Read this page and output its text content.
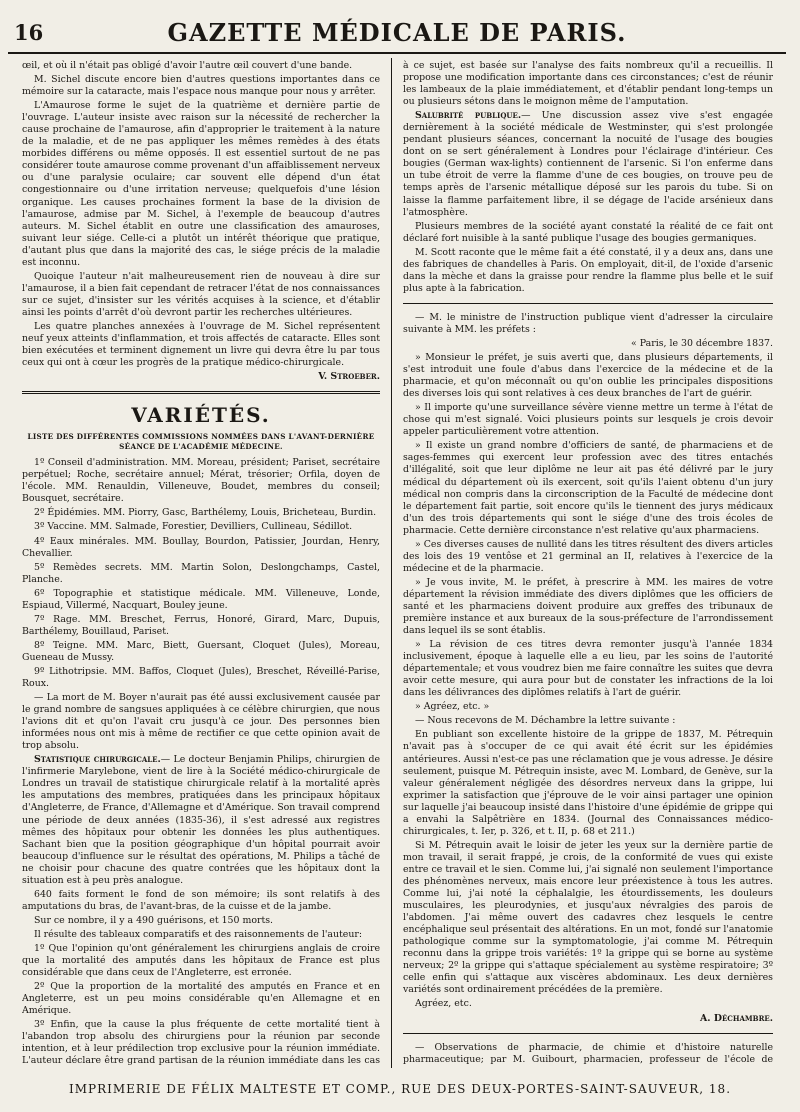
16	GAZETTE MÉDICALE DE PARIS.

œil, et où il n'était pas obligé d'avoir l'autre œil couvert d'une bande.

M. Sichel discute encore bien d'autres questions importantes dans ce mémoire sur la cataracte, mais l'espace nous manque pour nous y arrêter.

L'Amaurose forme le sujet de la quatrième et dernière partie de l'ouvrage. L'auteur insiste avec raison sur la nécessité de rechercher la cause prochaine de l'amaurose, afin d'approprier le traitement à la nature de la maladie, et de ne pas appliquer les mêmes remèdes à des états morbides différens ou même opposés. Il est essentiel surtout de ne pas considérer toute amaurose comme provenant d'un affaiblissement nerveux ou d'une paralysie oculaire; car souvent elle dépend d'un état congestionnaire ou d'une irritation nerveuse; quelquefois d'une lésion organique. Les causes prochaines forment la base de la division de l'amaurose, admise par M. Sichel, à l'exemple de beaucoup d'autres auteurs. M. Sichel établit en outre une classification des amauroses, suivant leur siége. Celle-ci a plutôt un intérêt théorique que pratique, d'autant plus que dans la majorité des cas, le siége précis de la maladie est inconnu.

Quoique l'auteur n'ait malheureusement rien de nouveau à dire sur l'amaurose, il a bien fait cependant de retracer l'état de nos connaissances sur ce sujet, d'insister sur les vérités acquises à la science, et d'établir ainsi les points d'arrêt d'où devront partir les recherches ultérieures.

Les quatre planches annexées à l'ouvrage de M. Sichel représentent neuf yeux atteints d'inflammation, et trois affectés de cataracte. Elles sont bien exécutées et terminent dignement un livre qui devra être lu par tous ceux qui ont à cœur les progrès de la pratique médico-chirurgicale.

V. Stroeber.

VARIÉTÉS.
LISTE DES DIFFÉRENTES COMMISSIONS NOMMÉES DANS L'AVANT-DERNIÈRE SÉANCE DE L'ACADÉMIE MÉDECINE.

1º Conseil d'administration. MM. Moreau, président; Pariset, secrétaire perpétuel; Roche, secrétaire annuel; Mérat, trésorier; Orfila, doyen de l'école. MM. Renauldin, Villeneuve, Boudet, membres du conseil; Bousquet, secrétaire.

2º Épidémies. MM. Piorry, Gasc, Barthélemy, Louis, Bricheteau, Burdin.

3º Vaccine. MM. Salmade, Forestier, Devilliers, Cullineau, Sédillot.

4º Eaux minérales. MM. Boullay, Bourdon, Patissier, Jourdan, Henry, Chevallier.

5º Remèdes secrets. MM. Martin Solon, Deslongchamps, Castel, Planche.

6º Topographie et statistique médicale. MM. Villeneuve, Londe, Espiaud, Villermé, Nacquart, Bouley jeune.

7º Rage. MM. Breschet, Ferrus, Honoré, Girard, Marc, Dupuis, Barthélemy, Bouillaud, Pariset.

8º Teigne. MM. Marc, Biett, Guersant, Cloquet (Jules), Moreau, Gueneau de Mussy.

9º Lithotripsie. MM. Baffos, Cloquet (Jules), Breschet, Réveillé-Parise, Roux.

— La mort de M. Boyer n'aurait pas été aussi exclusivement causée par le grand nombre de sangsues appliquées à ce célèbre chirurgien, que nous l'avions dit et qu'on l'avait cru jusqu'à ce jour. Des personnes bien informées nous ont mis à même de rectifier ce que cette opinion avait de trop absolu.

Statistique chirurgicale.— Le docteur Benjamin Philips, chirurgien de l'infirmerie Marylebone, vient de lire à la Société médico-chirurgicale de Londres un travail de statistique chirurgicale relatif à la mortalité après les amputations des membres, pratiquées dans les principaux hôpitaux d'Angleterre, de France, d'Allemagne et d'Amérique. Son travail comprend une période de deux années (1835-36), il s'est adressé aux registres mêmes des hôpitaux pour obtenir les données les plus authentiques. Sachant bien que la position géographique d'un hôpital pourrait avoir beaucoup d'influence sur le résultat des opérations, M. Philips a tâché de ne choisir pour chacune des quatre contrées que les hôpitaux dont la situation est à peu près analogue.

640 faits forment le fond de son mémoire; ils sont relatifs à des amputations du bras, de l'avant-bras, de la cuisse et de la jambe.

Sur ce nombre, il y a 490 guérisons, et 150 morts.

Il résulte des tableaux comparatifs et des raisonnements de l'auteur:

1º Que l'opinion qu'ont généralement les chirurgiens anglais de croire que la mortalité des amputés dans les hôpitaux de France est plus considérable que dans ceux de l'Angleterre, est erronée.

2º Que la proportion de la mortalité des amputés en France et en Angleterre, est un peu moins considérable qu'en Allemagne et en Amérique.

3º Enfin, que la cause la plus fréquente de cette mortalité tient à l'abandon trop absolu des chirurgiens pour la réunion par seconde intention, et à leur prédilection trop exclusive pour la réunion immédiate. L'auteur déclare être grand partisan de la réunion immédiate dans les cas

à ce sujet, est basée sur l'analyse des faits nombreux qu'il a recueillis. Il propose une modification importante dans ces circonstances; c'est de réunir les lambeaux de la plaie immédiatement, et d'établir pendant long-temps un ou plusieurs sétons dans le moignon même de l'amputation.

Salubrité publique.— Une discussion assez vive s'est engagée dernièrement à la société médicale de Westminster, qui s'est prolongée pendant plusieurs séances, concernant la nocuité de l'usage des bougies dont on se sert généralement à Londres pour l'éclairage d'intérieur. Ces bougies (German wax-lights) contiennent de l'arsenic. Si l'on enferme dans un tube étroit de verre la flamme d'une de ces bougies, on trouve peu de temps après de l'arsenic métallique déposé sur les parois du tube. Si on laisse la flamme parfaitement libre, il se dégage de l'acide arsénieux dans l'atmosphère.

Plusieurs membres de la société ayant constaté la réalité de ce fait ont déclaré fort nuisible à la santé publique l'usage des bougies germaniques.

M. Scott raconte que le même fait a été constaté, il y a deux ans, dans une des fabriques de chandelles à Paris. On employait, dit-il, de l'oxide d'arsenic dans la mèche et dans la graisse pour rendre la flamme plus belle et le suif plus apte à la fabrication.

— M. le ministre de l'instruction publique vient d'adresser la circulaire suivante à MM. les préfets :

« Paris, le 30 décembre 1837.

» Monsieur le préfet, je suis averti que, dans plusieurs départements, il s'est introduit une foule d'abus dans l'exercice de la médecine et de la pharmacie, et qu'on méconnaît ou qu'on oublie les principales dispositions des diverses lois qui sont relatives à ces deux branches de l'art de guérir.

» Il importe qu'une surveillance sévère vienne mettre un terme à l'état de chose qui m'est signalé. Voici plusieurs points sur lesquels je crois devoir appeler particulièrement votre attention.

» Il existe un grand nombre d'officiers de santé, de pharmaciens et de sages-femmes qui exercent leur profession avec des titres entachés d'illégalité, soit que leur diplôme ne leur ait pas été délivré par le jury médical du département où ils exercent, soit qu'ils l'aient obtenu d'un jury médical non compris dans la circonscription de la Faculté de médecine dont le département fait partie, soit encore qu'ils le tiennent des jurys médicaux d'un des trois départements qui sont le siége d'une des trois écoles de pharmacie. Cette dernière circonstance n'est relative qu'aux pharmaciens.

» Ces diverses causes de nullité dans les titres résultent des divers articles des lois des 19 ventôse et 21 germinal an II, relatives à l'exercice de la médecine et de la pharmacie.

» Je vous invite, M. le préfet, à prescrire à MM. les maires de votre département la révision immédiate des divers diplômes que les officiers de santé et les pharmaciens doivent produire aux greffes des tribunaux de première instance et aux bureaux de la sous-préfecture de l'arrondissement dans lequel ils se sont établis.

» La révision de ces titres devra remonter jusqu'à l'année 1834 inclusivement, époque à laquelle elle a eu lieu, par les soins de l'autorité départementale; et vous voudrez bien me faire connaître les suites que devra avoir cette mesure, qui aura pour but de constater les infractions de la loi dans les délivrances des diplômes relatifs à l'art de guérir.

» Agréez, etc. »

— Nous recevons de M. Déchambre la lettre suivante :

En publiant son excellente histoire de la grippe de 1837, M. Pétrequin n'avait pas à s'occuper de ce qui avait été écrit sur les épidémies antérieures. Aussi n'est-ce pas une réclamation que je vous adresse. Je désire seulement, puisque M. Pétrequin insiste, avec M. Lombard, de Genève, sur la valeur généralement négligée des désordres nerveux dans la grippe, lui exprimer la satisfaction que j'éprouve de le voir ainsi partager une opinion sur laquelle j'ai beaucoup insisté dans l'histoire d'une épidémie de grippe qui a envahi la Salpêtrière en 1834. (Journal des Connaissances médico-chirurgicales, t. Ier, p. 326, et t. II, p. 68 et 211.)

Si M. Pétrequin avait le loisir de jeter les yeux sur la dernière partie de mon travail, il serait frappé, je crois, de la conformité de vues qui existe entre ce travail et le sien. Comme lui, j'ai signalé non seulement l'importance des phénomènes nerveux, mais encore leur préexistence à tous les autres. Comme lui, j'ai noté la céphalalgie, les étourdissements, les douleurs musculaires, les pleurodynies, et jusqu'aux névralgies des parois de l'abdomen. J'ai même ouvert des cadavres chez lesquels le centre encéphalique seul présentait des altérations. En un mot, fondé sur l'anatomie pathologique comme sur la symptomatologie, j'ai comme M. Pétrequin reconnu dans la grippe trois variétés: 1º la grippe qui se borne au système nerveux; 2º la grippe qui s'attaque spécialement au système respiratoire; 3º celle enfin qui s'attaque aux viscères abdominaux. Les deux dernières variétés sont ordinairement précédées de la première.

Agréez, etc.

A. Déchambre.

— Observations de pharmacie, de chimie et d'histoire naturelle pharmaceutique; par M. Guibourt, pharmacien, professeur de l'école de

IMPRIMERIE DE FÉLIX MALTESTE ET COMP., RUE DES DEUX-PORTES-SAINT-SAUVEUR, 18.
